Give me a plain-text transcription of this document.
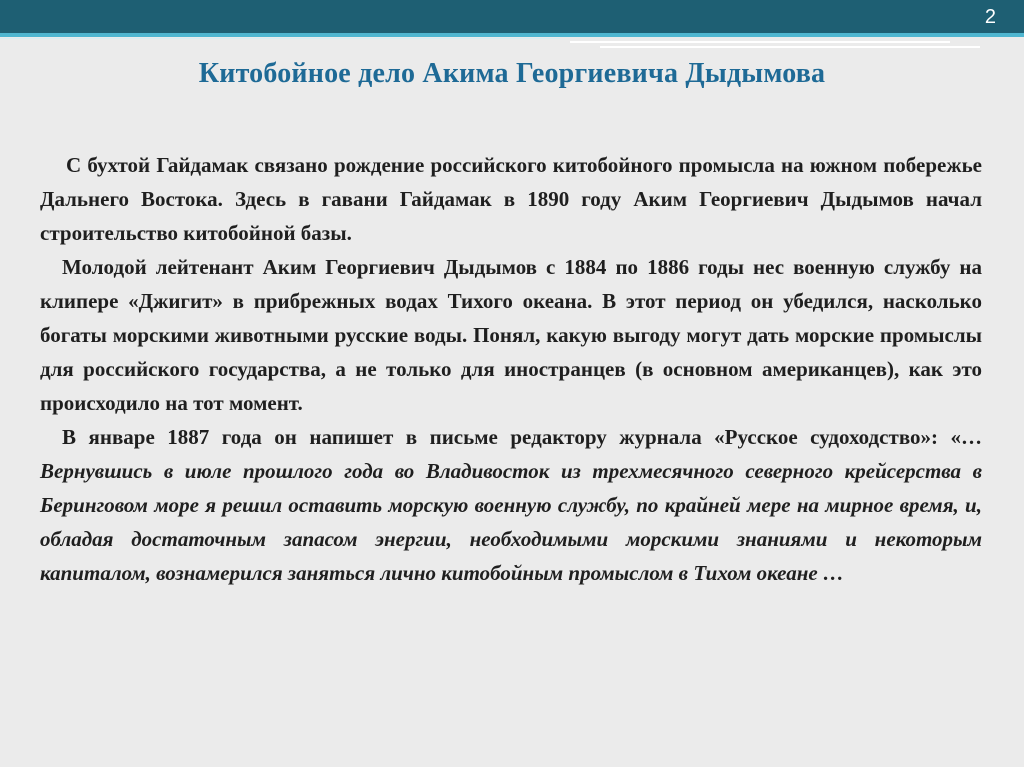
2
Китобойное дело Акима Георгиевича Дыдымова

С бухтой Гайдамак связано рождение российского китобойного промысла на южном побережье Дальнего Востока. Здесь в гавани Гайдамак в 1890 году Аким Георгиевич Дыдымов начал строительство китобойной базы.

Молодой лейтенант Аким Георгиевич Дыдымов с 1884 по 1886 годы нес военную службу на клипере «Джигит» в прибрежных водах Тихого океана. В этот период он убедился, насколько богаты морскими животными русские воды. Понял, какую выгоду могут дать морские промыслы для российского государства, а не только для иностранцев (в основном американцев), как это происходило на тот момент.

В январе 1887 года он напишет в письме редактору журнала «Русское судоходство»: «…Вернувшись в июле прошлого года во Владивосток из трехмесячного северного крейсерства в Беринговом море я решил оставить морскую военную службу, по крайней мере на мирное время, и, обладая достаточным запасом энергии, необходимыми морскими знаниями и некоторым капиталом, вознамерился заняться лично китобойным промыслом в Тихом океане …
